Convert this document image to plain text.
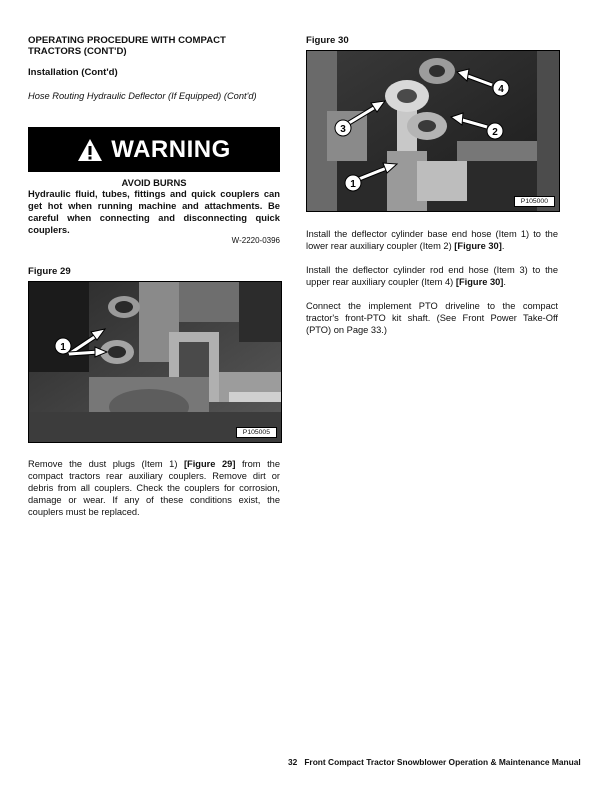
OPERATING PROCEDURE WITH COMPACT TRACTORS (CONT'D)
Installation (Cont'd)
Hose Routing Hydraulic Deflector (If Equipped) (Cont'd)
WARNING
AVOID BURNS
Hydraulic fluid, tubes, fittings and quick couplers can get hot when running machine and attachments. Be careful when connecting and disconnecting quick couplers.
W-2220-0396
Figure 29
1
P105005
Remove the dust plugs (Item 1) [Figure 29] from the compact tractors rear auxiliary couplers. Remove dirt or debris from all couplers. Check the couplers for corrosion, damage or wear. If any of these conditions exist, the couplers must be replaced.
Figure 30
4
2
3
1
P105000
Install the deflector cylinder base end hose (Item 1) to the lower rear auxiliary coupler (Item 2) [Figure 30].
Install the deflector cylinder rod end hose (Item 3) to the upper rear auxiliary coupler (Item 4) [Figure 30].
Connect the implement PTO driveline to the compact tractor's front-PTO kit shaft. (See Front Power Take-Off (PTO) on Page 33.)
32 Front Compact Tractor Snowblower Operation & Maintenance Manual
